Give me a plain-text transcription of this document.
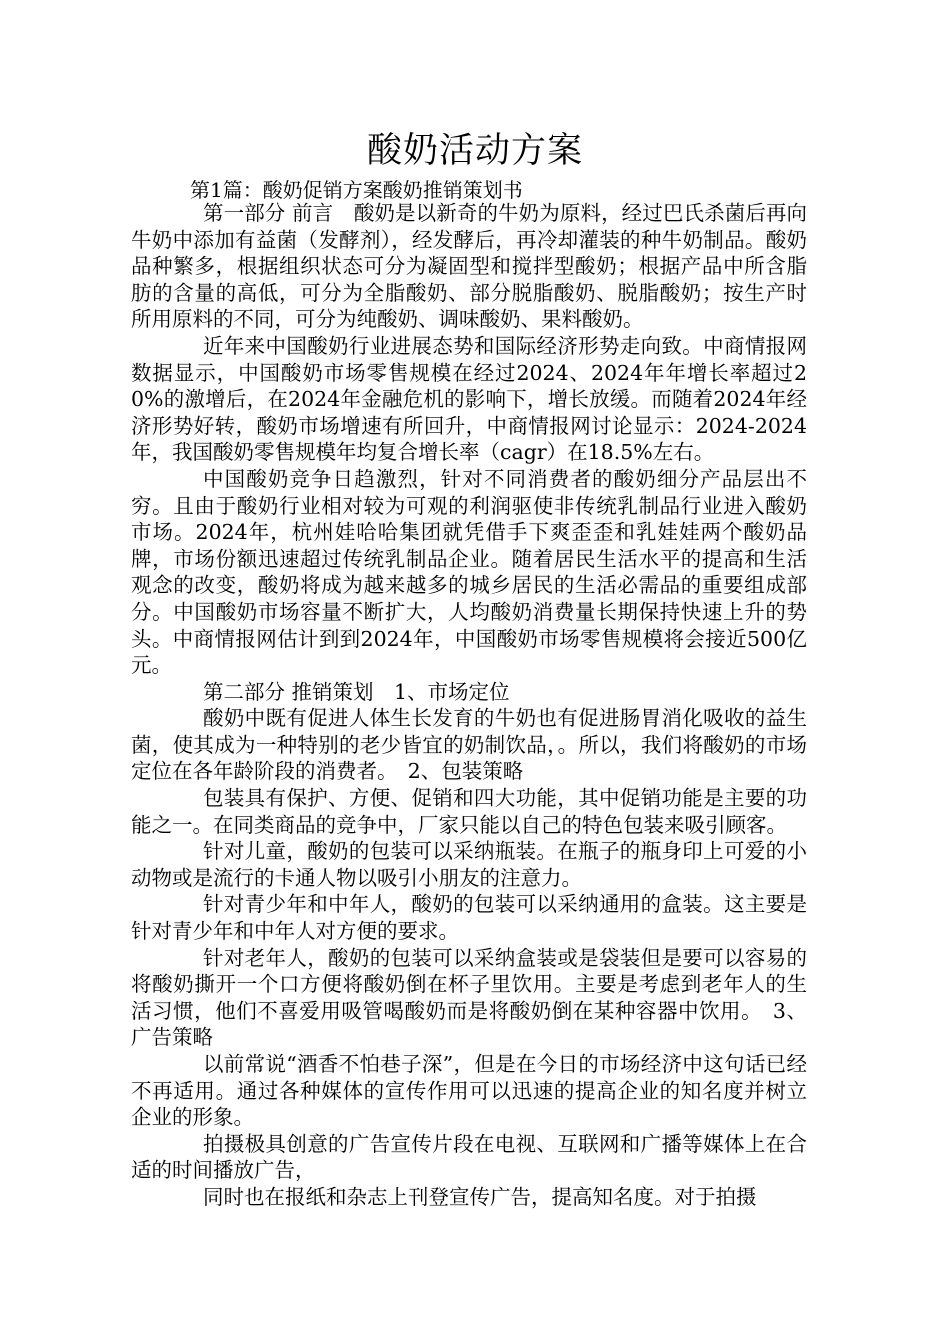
酸奶活动方案
第1篇：酸奶促销方案酸奶推销策划书

第一部分 前言　酸奶是以新奇的牛奶为原料，经过巴氏杀菌后再向牛奶中添加有益菌（发酵剂），经发酵后，再冷却灌装的种牛奶制品。酸奶品种繁多，根据组织状态可分为凝固型和搅拌型酸奶；根据产品中所含脂肪的含量的高低，可分为全脂酸奶、部分脱脂酸奶、脱脂酸奶；按生产时所用原料的不同，可分为纯酸奶、调味酸奶、果料酸奶。

近年来中国酸奶行业进展态势和国际经济形势走向致。中商情报网数据显示，中国酸奶市场零售规模在经过2024、2024年年增长率超过20%的激增后，在2024年金融危机的影响下，增长放缓。而随着2024年经济形势好转，酸奶市场增速有所回升，中商情报网讨论显示：2024-2024年，我国酸奶零售规模年均复合增长率（cagr）在18.5%左右。

中国酸奶竞争日趋激烈，针对不同消费者的酸奶细分产品层出不穷。且由于酸奶行业相对较为可观的利润驱使非传统乳制品行业进入酸奶市场。2024年，杭州娃哈哈集团就凭借手下爽歪歪和乳娃娃两个酸奶品牌，市场份额迅速超过传统乳制品企业。随着居民生活水平的提高和生活观念的改变，酸奶将成为越来越多的城乡居民的生活必需品的重要组成部分。中国酸奶市场容量不断扩大，人均酸奶消费量长期保持快速上升的势头。中商情报网估计到到2024年，中国酸奶市场零售规模将会接近500亿元。

第二部分 推销策划　1、市场定位

酸奶中既有促进人体生长发育的牛奶也有促进肠胃消化吸收的益生菌，使其成为一种特别的老少皆宜的奶制饮品，。所以，我们将酸奶的市场定位在各年龄阶段的消费者。　2、包装策略

包装具有保护、方便、促销和四大功能，其中促销功能是主要的功能之一。在同类商品的竞争中，厂家只能以自己的特色包装来吸引顾客。

针对儿童，酸奶的包装可以采纳瓶装。在瓶子的瓶身印上可爱的小动物或是流行的卡通人物以吸引小朋友的注意力。

针对青少年和中年人，酸奶的包装可以采纳通用的盒装。这主要是针对青少年和中年人对方便的要求。

针对老年人，酸奶的包装可以采纳盒装或是袋装但是要可以容易的将酸奶撕开一个口方便将酸奶倒在杯子里饮用。主要是考虑到老年人的生活习惯，他们不喜爱用吸管喝酸奶而是将酸奶倒在某种容器中饮用。　3、广告策略

以前常说“酒香不怕巷子深”，但是在今日的市场经济中这句话已经不再适用。通过各种媒体的宣传作用可以迅速的提高企业的知名度并树立企业的形象。

拍摄极具创意的广告宣传片段在电视、互联网和广播等媒体上在合适的时间播放广告，

同时也在报纸和杂志上刊登宣传广告，提高知名度。对于拍摄
